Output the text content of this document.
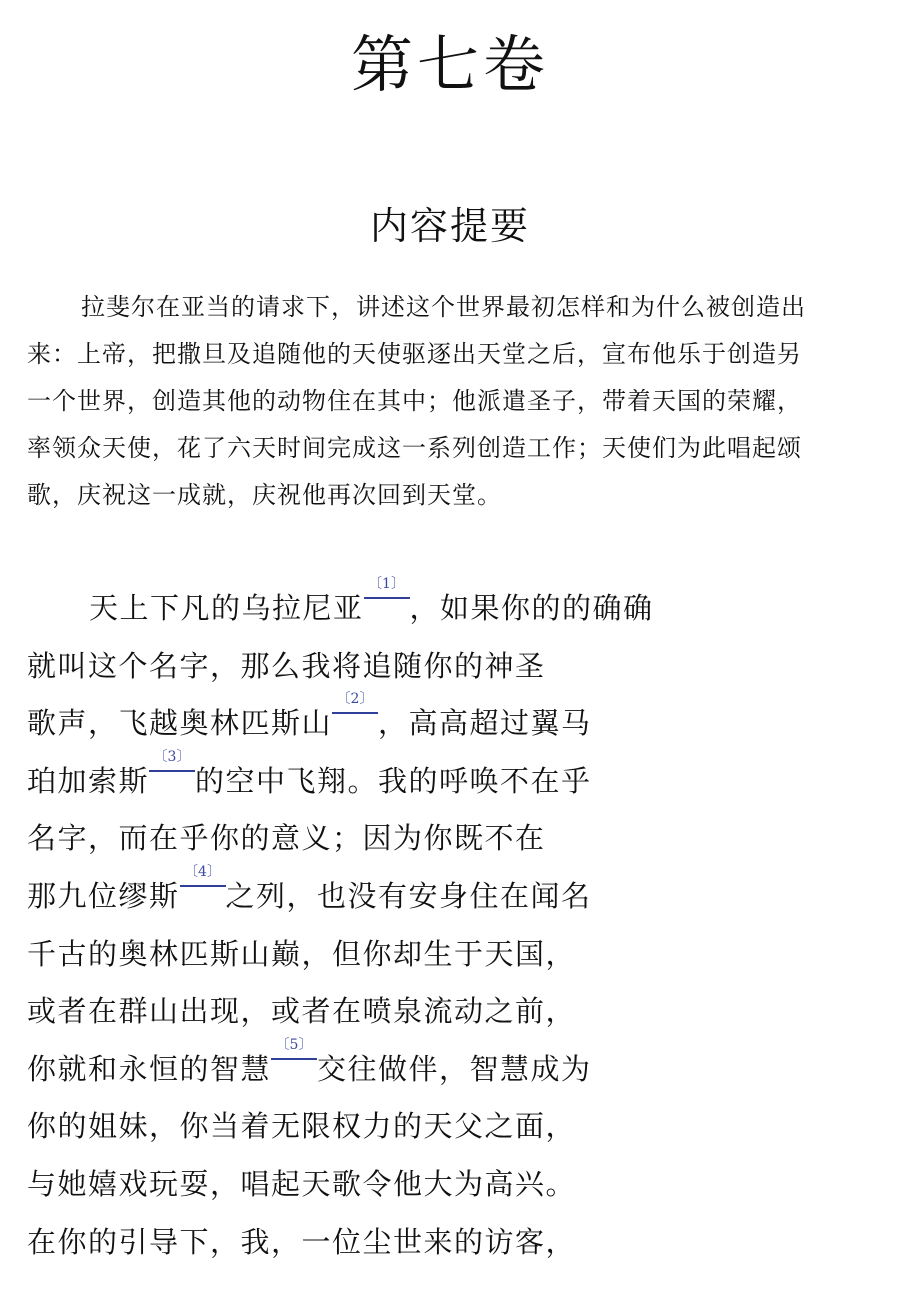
第七卷
内容提要
拉斐尔在亚当的请求下，讲述这个世界最初怎样和为什么被创造出
来：上帝，把撒旦及追随他的天使驱逐出天堂之后，宣布他乐于创造另
一个世界，创造其他的动物住在其中；他派遣圣子，带着天国的荣耀，
率领众天使，花了六天时间完成这一系列创造工作；天使们为此唱起颂
歌，庆祝这一成就，庆祝他再次回到天堂。
天上下凡的乌拉尼亚
〔1〕
，如果你的的确确
就叫这个名字，那么我将追随你的神圣
歌声，飞越奥林匹斯山
〔2〕
，高高超过翼马
珀加索斯
〔3〕
的空中飞翔。我的呼唤不在乎
名字，而在乎你的意义；因为你既不在
那九位缪斯
〔4〕
之列，也没有安身住在闻名
千古的奥林匹斯山巅，但你却生于天国，
或者在群山出现，或者在喷泉流动之前，
你就和永恒的智慧
〔5〕
交往做伴，智慧成为
你的姐妹，你当着无限权力的天父之面，
与她嬉戏玩耍，唱起天歌令他大为高兴。
在你的引导下，我，一位尘世来的访客，
